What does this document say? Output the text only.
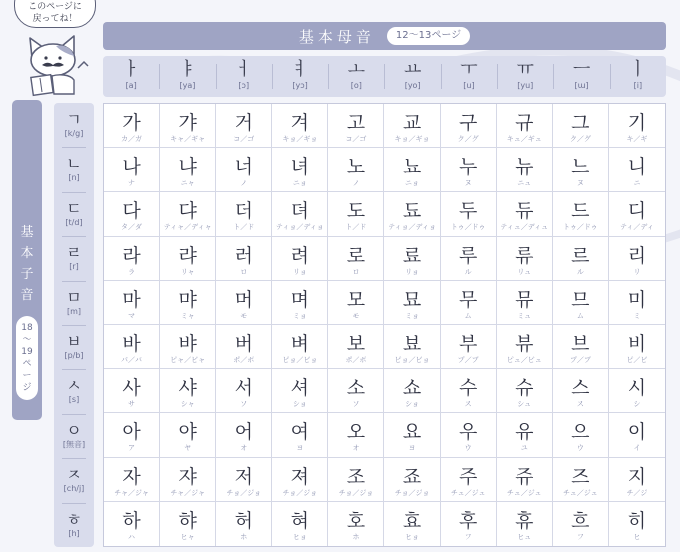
このページに
戻ってね！
基本母音	12〜13ページ
ㅏ
[a]
ㅑ
[ya]
ㅓ
[ɔ]
ㅕ
[yɔ]
ㅗ
[o]
ㅛ
[yo]
ㅜ
[u]
ㅠ
[yu]
ㅡ
[ɯ]
ㅣ
[i]
基
本
子
音
18
〜
19
ペ
ー
ジ
ㄱ
[k/g]
ㄴ
[n]
ㄷ
[t/d]
ㄹ
[r]
ㅁ
[m]
ㅂ
[p/b]
ㅅ
[s]
ㅇ
[無音]
ㅈ
[ch/j]
ㅎ
[h]
가
カ／ガ
갸
キャ／ギャ
거
コ／ゴ
겨
キョ／ギョ
고
コ／ゴ
교
キョ／ギョ
구
ク／グ
규
キュ／ギュ
그
ク／グ
기
キ／ギ
나
ナ
냐
ニャ
너
ノ
녀
ニョ
노
ノ
뇨
ニョ
누
ヌ
뉴
ニュ
느
ヌ
니
ニ
다
タ／ダ
댜
ティャ／ディャ
더
ト／ド
뎌
ティョ／ディョ
도
ト／ド
됴
ティョ／ディョ
두
トゥ／ドゥ
듀
ティュ／ディュ
드
トゥ／ドゥ
디
ティ／ディ
라
ラ
랴
リャ
러
ロ
려
リョ
로
ロ
료
リョ
루
ル
류
リュ
르
ル
리
リ
마
マ
먀
ミャ
머
モ
며
ミョ
모
モ
묘
ミョ
무
ム
뮤
ミュ
므
ム
미
ミ
바
パ／バ
뱌
ピャ／ビャ
버
ポ／ボ
벼
ピョ／ビョ
보
ポ／ボ
뵤
ピョ／ビョ
부
プ／ブ
뷰
ピュ／ビュ
브
プ／ブ
비
ピ／ビ
사
サ
샤
シャ
서
ソ
셔
ショ
소
ソ
쇼
ショ
수
ス
슈
シュ
스
ス
시
シ
아
ア
야
ヤ
어
オ
여
ヨ
오
オ
요
ヨ
우
ウ
유
ユ
으
ウ
이
イ
자
チャ／ジャ
쟈
チャ／ジャ
저
チョ／ジョ
져
チョ／ジョ
조
チョ／ジョ
죠
チョ／ジョ
주
チュ／ジュ
쥬
チュ／ジュ
즈
チュ／ジュ
지
チ／ジ
하
ハ
햐
ヒャ
허
ホ
혀
ヒョ
호
ホ
효
ヒョ
후
フ
휴
ヒュ
흐
フ
히
ヒ
